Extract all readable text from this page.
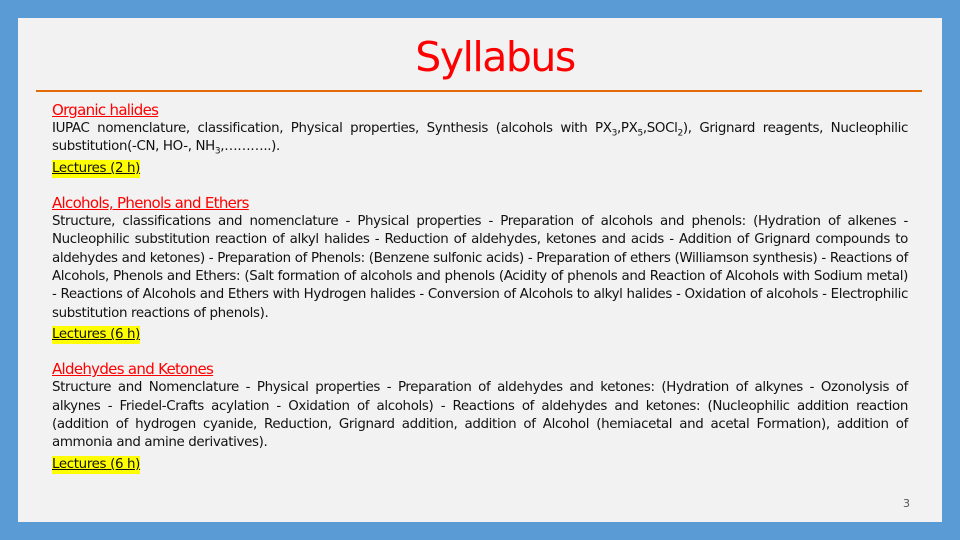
Syllabus
Organic halides

IUPAC nomenclature, classification, Physical properties, Synthesis (alcohols with $PX_3,PX_5,SOCl_2$), Grignard reagents, Nucleophilic substitution(-CN, HO-, $NH_3,\dots\dots\dots$..).

Lectures (2 h)
Alcohols, Phenols and Ethers

Structure, classifications and nomenclature - Physical properties - Preparation of alcohols and phenols: (Hydration of alkenes - Nucleophilic substitution reaction of alkyl halides - Reduction of aldehydes, ketones and acids - Addition of Grignard compounds to aldehydes and ketones) - Preparation of Phenols: (Benzene sulfonic acids) - Preparation of ethers (Williamson synthesis) - Reactions of Alcohols, Phenols and Ethers: (Salt formation of alcohols and phenols (Acidity of phenols and Reaction of Alcohols with Sodium metal) - Reactions of Alcohols and Ethers with Hydrogen halides - Conversion of Alcohols to alkyl halides - Oxidation of alcohols - Electrophilic substitution reactions of phenols).

Lectures (6 h)
Aldehydes and Ketones

Structure and Nomenclature - Physical properties - Preparation of aldehydes and ketones: (Hydration of alkynes - Ozonolysis of alkynes - Friedel-Crafts acylation - Oxidation of alcohols) - Reactions of aldehydes and ketones: (Nucleophilic addition reaction (addition of hydrogen cyanide, Reduction, Grignard addition, addition of Alcohol (hemiacetal and acetal Formation), addition of ammonia and amine derivatives).

Lectures (6 h)
3
